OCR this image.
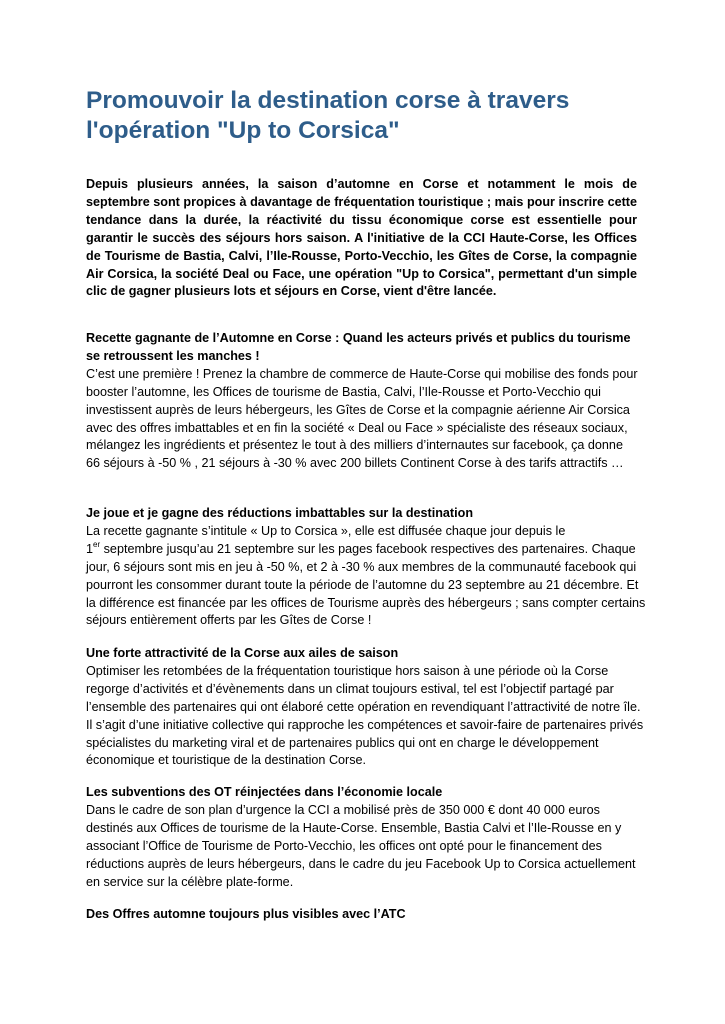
Promouvoir la destination corse à travers l'opération "Up to Corsica"

Depuis plusieurs années, la saison d’automne en Corse et notamment le mois de septembre sont propices à davantage de fréquentation touristique ; mais pour inscrire cette tendance dans la durée, la réactivité du tissu économique corse est essentielle pour garantir le succès des séjours hors saison. A l'initiative de la CCI Haute-Corse, les Offices de Tourisme de Bastia, Calvi, l’Ile-Rousse, Porto-Vecchio, les Gîtes de Corse, la compagnie Air Corsica, la société Deal ou Face, une opération "Up to Corsica", permettant d'un simple clic de gagner plusieurs lots et séjours en Corse, vient d'être lancée.

Recette gagnante de l’Automne en Corse : Quand les acteurs privés et publics du tourisme se retroussent les manches !

C’est une première ! Prenez la chambre de commerce de Haute-Corse qui mobilise des fonds pour booster l’automne, les Offices de tourisme de Bastia, Calvi, l’Ile-Rousse et Porto-Vecchio qui investissent auprès de leurs hébergeurs, les Gîtes de Corse et la compagnie aérienne Air Corsica avec des offres imbattables et en fin la société « Deal ou Face » spécialiste des réseaux sociaux, mélangez les ingrédients et présentez le tout à des milliers d’internautes sur facebook, ça donne

66 séjours à -50 % , 21 séjours à -30 % avec 200 billets Continent Corse à des tarifs attractifs …

Je joue et je gagne des réductions imbattables sur la destination

La recette gagnante s’intitule « Up to Corsica », elle est diffusée chaque jour depuis le
1er septembre jusqu’au 21 septembre sur les pages facebook respectives des partenaires. Chaque jour, 6 séjours sont mis en jeu à -50 %, et 2 à -30 % aux membres de la communauté facebook qui pourront les consommer durant toute la période de l’automne du 23 septembre au 21 décembre. Et la différence est financée par les offices de Tourisme auprès des hébergeurs ; sans compter certains séjours entièrement offerts par les Gîtes de Corse !

Une forte attractivité de la Corse aux ailes de saison

Optimiser les retombées de la fréquentation touristique hors saison à une période où la Corse regorge d’activités et d’évènements dans un climat toujours estival, tel est l’objectif partagé par l’ensemble des partenaires qui ont élaboré cette opération en revendiquant l’attractivité de notre île. Il s’agit d’une initiative collective qui rapproche les compétences et savoir-faire de partenaires privés spécialistes du marketing viral et de partenaires publics qui ont en charge le développement économique et touristique de la destination Corse.

Les subventions des OT réinjectées dans l’économie locale

Dans le cadre de son plan d’urgence la CCI a mobilisé près de 350 000 € dont 40 000 euros destinés aux Offices de tourisme de la Haute-Corse. Ensemble, Bastia Calvi et l’Ile-Rousse en y associant l’Office de Tourisme de Porto-Vecchio, les offices ont opté pour le financement des réductions auprès de leurs hébergeurs, dans le cadre du jeu Facebook Up to Corsica actuellement en service sur la célèbre plate-forme.

Des Offres automne toujours plus visibles avec l’ATC
